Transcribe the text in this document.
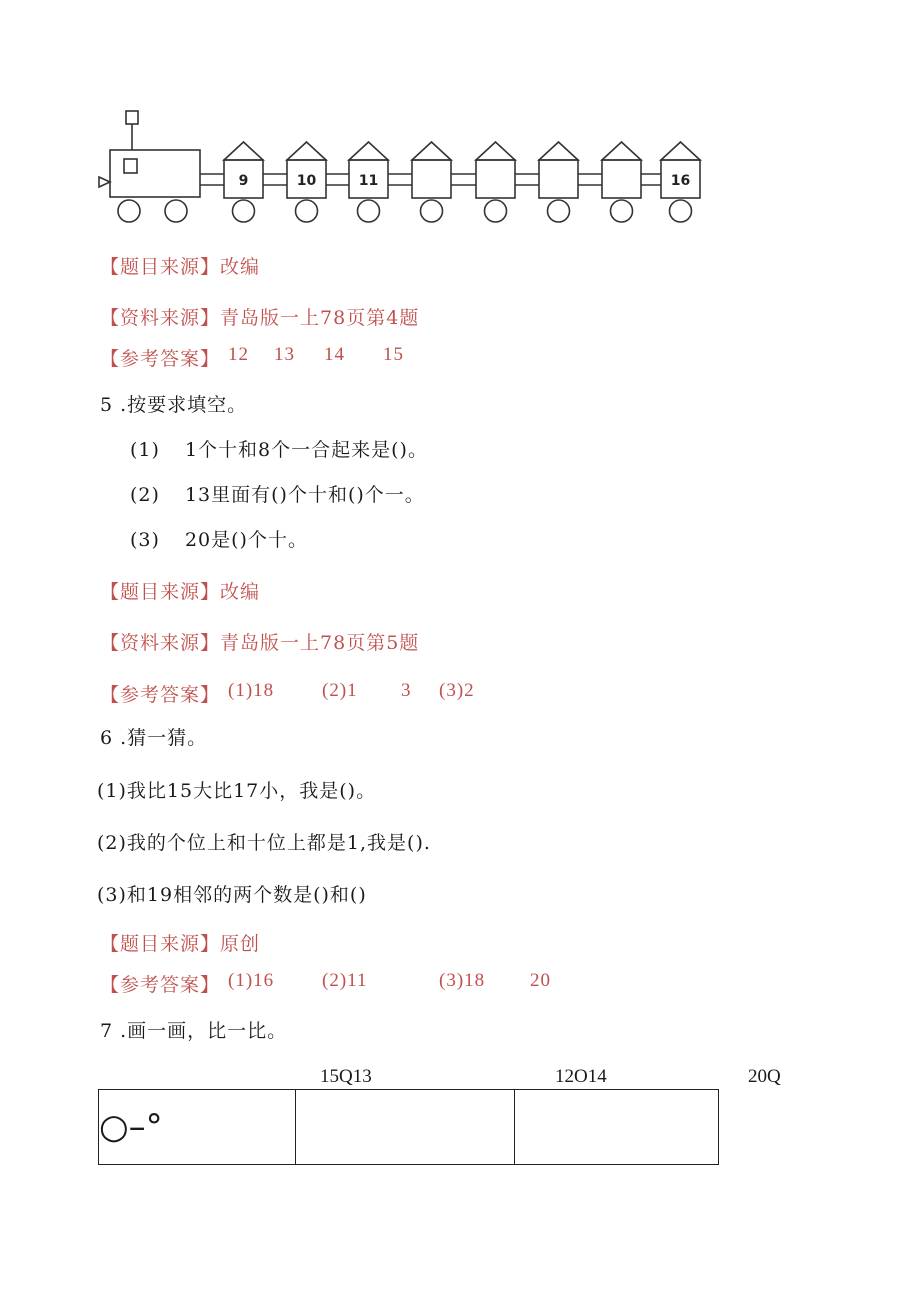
9	10	11	16
【题目来源】改编
【资料来源】青岛版一上78页第4题
【参考答案】 12 13 14 15
5 .按要求填空。
(1) 1个十和8个一合起来是()。
(2) 13里面有()个十和()个一。
(3) 20是()个十。
【题目来源】改编
【资料来源】青岛版一上78页第5题
【参考答案】 (1)18	(2)1 3 (3)2
6 .猜一猜。
(1)我比15大比17小，我是()。
(2)我的个位上和十位上都是1,我是().
(3)和19相邻的两个数是()和()
【题目来源】原创
【参考答案】 (1)16	(2)11	(3)18 20
7 .画一画，比一比。
15Q13	12O14	20Q
○–°		
